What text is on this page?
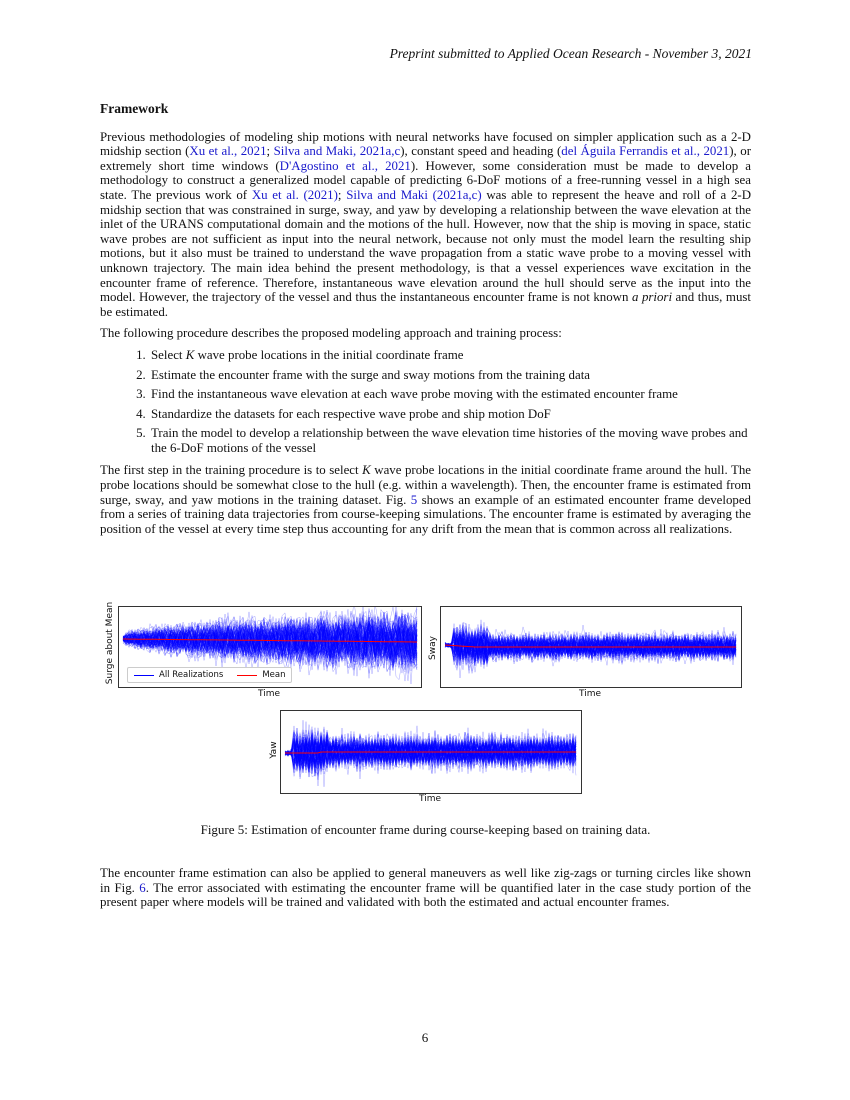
Preprint submitted to Applied Ocean Research - November 3, 2021
Framework

Previous methodologies of modeling ship motions with neural networks have focused on simpler application such as a 2-D midship section (Xu et al., 2021; Silva and Maki, 2021a,c), constant speed and heading (del Águila Ferrandis et al., 2021), or extremely short time windows (D'Agostino et al., 2021). However, some consideration must be made to develop a methodology to construct a generalized model capable of predicting 6-DoF motions of a free-running vessel in a high sea state. The previous work of Xu et al. (2021); Silva and Maki (2021a,c) was able to represent the heave and roll of a 2-D midship section that was constrained in surge, sway, and yaw by developing a relationship between the wave elevation at the inlet of the URANS computational domain and the motions of the hull. However, now that the ship is moving in space, static wave probes are not sufficient as input into the neural network, because not only must the model learn the resulting ship motions, but it also must be trained to understand the wave propagation from a static wave probe to a moving vessel with unknown trajectory. The main idea behind the present methodology, is that a vessel experiences wave excitation in the encounter frame of reference. Therefore, instantaneous wave elevation around the hull should serve as the input into the model. However, the trajectory of the vessel and thus the instantaneous encounter frame is not known a priori and thus, must be estimated.

The following procedure describes the proposed modeling approach and training process:

1. Select K wave probe locations in the initial coordinate frame
2. Estimate the encounter frame with the surge and sway motions from the training data
3. Find the instantaneous wave elevation at each wave probe moving with the estimated encounter frame
4. Standardize the datasets for each respective wave probe and ship motion DoF
5. Train the model to develop a relationship between the wave elevation time histories of the moving wave probes and the 6-DoF motions of the vessel

The first step in the training procedure is to select K wave probe locations in the initial coordinate frame around the hull. The probe locations should be somewhat close to the hull (e.g. within a wavelength). Then, the encounter frame is estimated from surge, sway, and yaw motions in the training dataset. Fig. 5 shows an example of an estimated encounter frame developed from a series of training data trajectories from course-keeping simulations. The encounter frame is estimated by averaging the position of the vessel at every time step thus accounting for any drift from the mean that is common across all realizations.

Surge about Mean	All Realizations	Mean
Time
Sway
Time
Yaw
Time
Figure 5: Estimation of encounter frame during course-keeping based on training data.

The encounter frame estimation can also be applied to general maneuvers as well like zig-zags or turning circles like shown in Fig. 6. The error associated with estimating the encounter frame will be quantified later in the case study portion of the present paper where models will be trained and validated with both the estimated and actual encounter frames.

6
